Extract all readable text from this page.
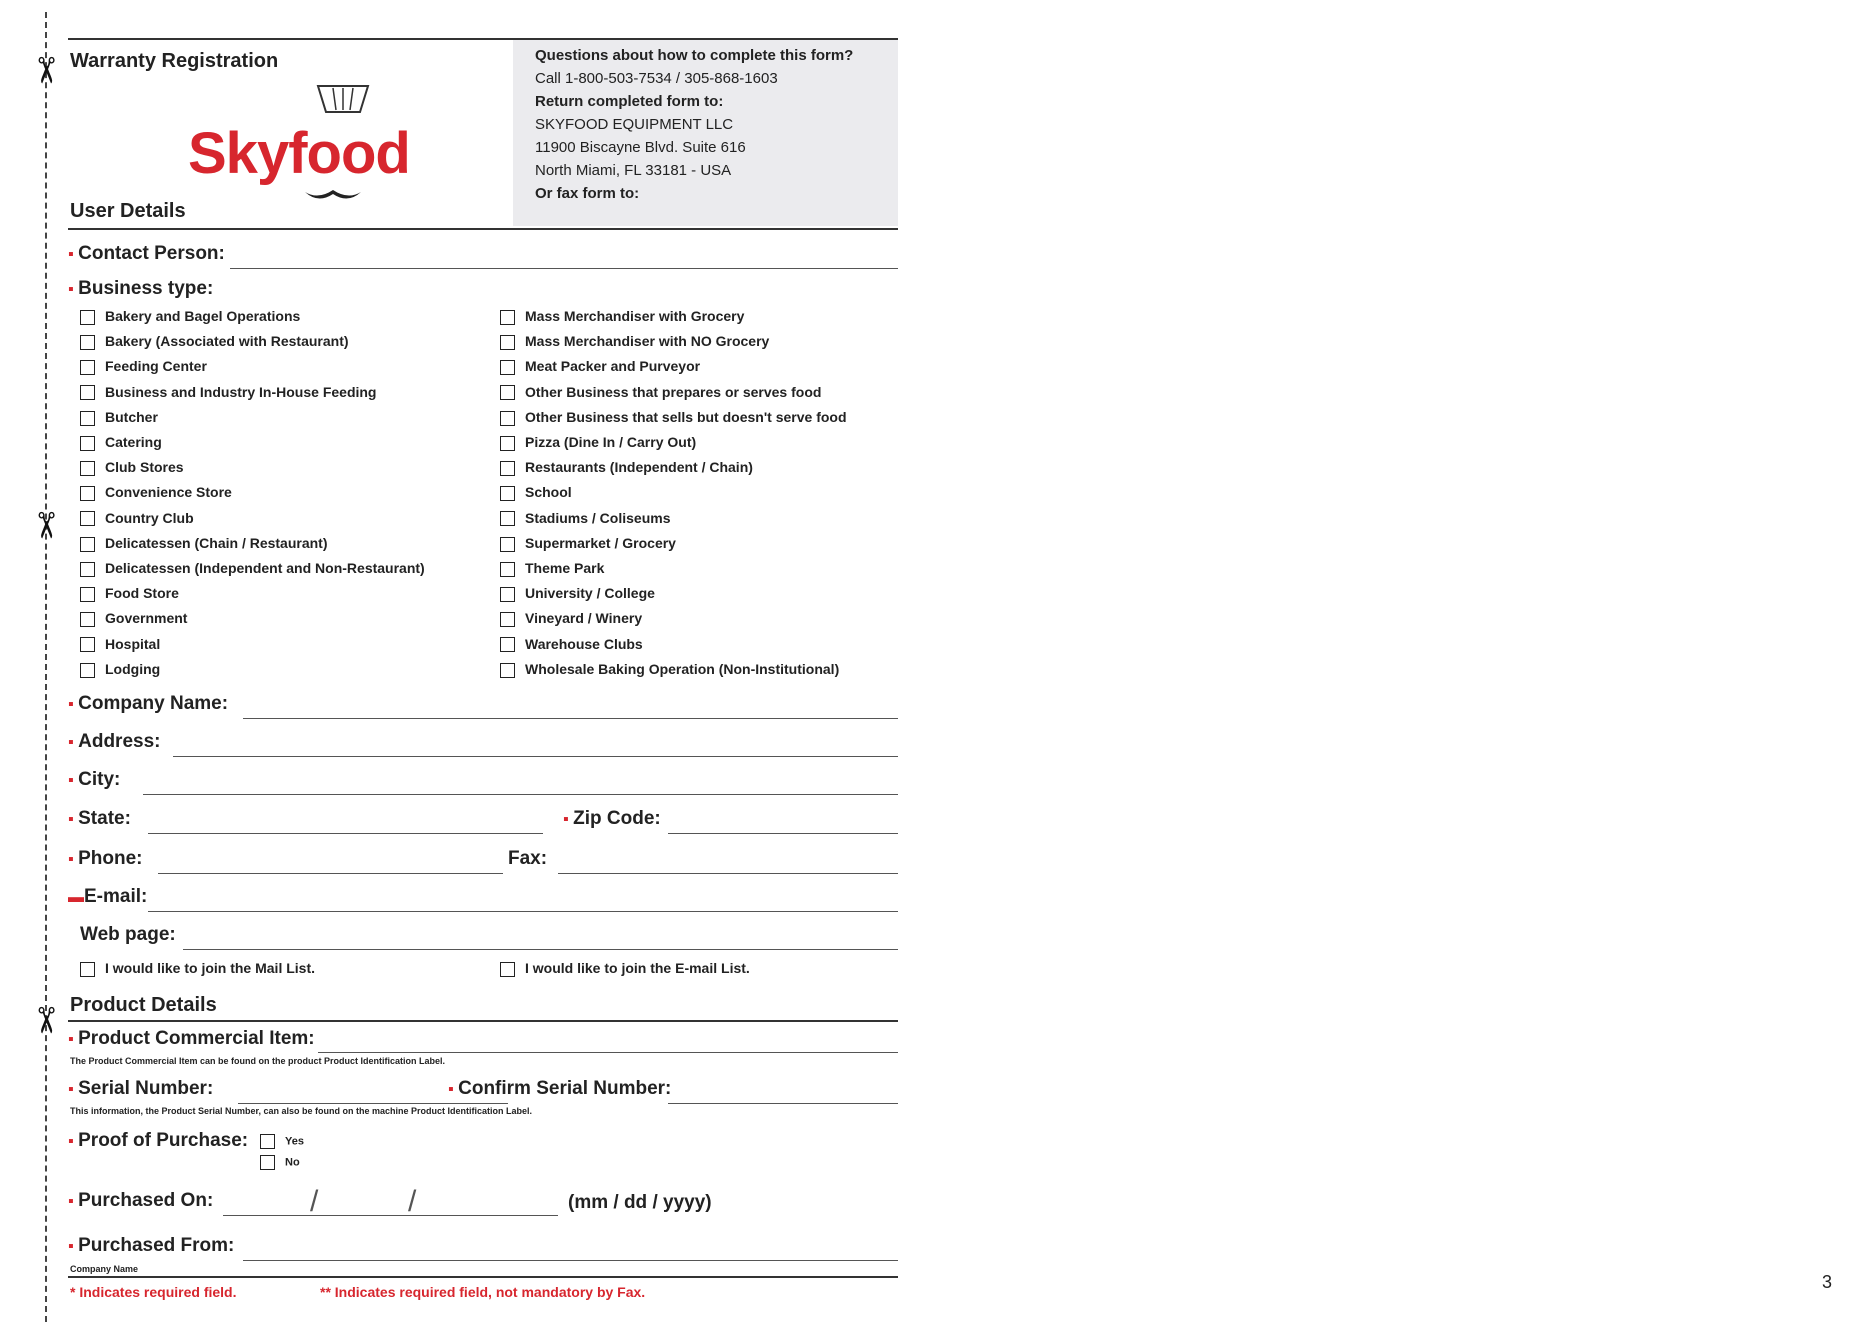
✂
✂
✂
Warranty Registration
Skyfood
User Details
Questions about how to complete this form?
Call 1-800-503-7534 / 305-868-1603
Return completed form to:
SKYFOOD EQUIPMENT LLC
11900 Biscayne Blvd. Suite 616
North Miami, FL 33181 - USA
Or fax form to:
▪ Contact Person:
▪ Business type:
Bakery and Bagel Operations
Bakery (Associated with Restaurant)
Feeding Center
Business and Industry In-House Feeding
Butcher
Catering
Club Stores
Convenience Store
Country Club
Delicatessen (Chain / Restaurant)
Delicatessen (Independent and Non-Restaurant)
Food Store
Government
Hospital
Lodging
Mass Merchandiser with Grocery
Mass Merchandiser with NO Grocery
Meat Packer and Purveyor
Other Business that prepares or serves food
Other Business that sells but doesn't serve food
Pizza (Dine In / Carry Out)
Restaurants (Independent / Chain)
School
Stadiums / Coliseums
Supermarket / Grocery
Theme Park
University / College
Vineyard / Winery
Warehouse Clubs
Wholesale Baking Operation (Non-Institutional)
▪ Company Name:
▪ Address:
▪ City:
▪ State:	▪ Zip Code:
▪ Phone:	Fax:
▬E-mail:
Web page:
I would like to join the Mail List.	I would like to join the E-mail List.
Product Details
▪ Product Commercial Item:
The Product Commercial Item can be found on the product Product Identification Label.
▪ Serial Number:	▪ Confirm Serial Number:
This information, the Product Serial Number, can also be found on the machine Product Identification Label.
▪ Proof of Purchase:	Yes
No
▪ Purchased On:	/	/	(mm / dd / yyyy)
▪ Purchased From:
Company Name
* Indicates required field.	** Indicates required field, not mandatory by Fax.	3
